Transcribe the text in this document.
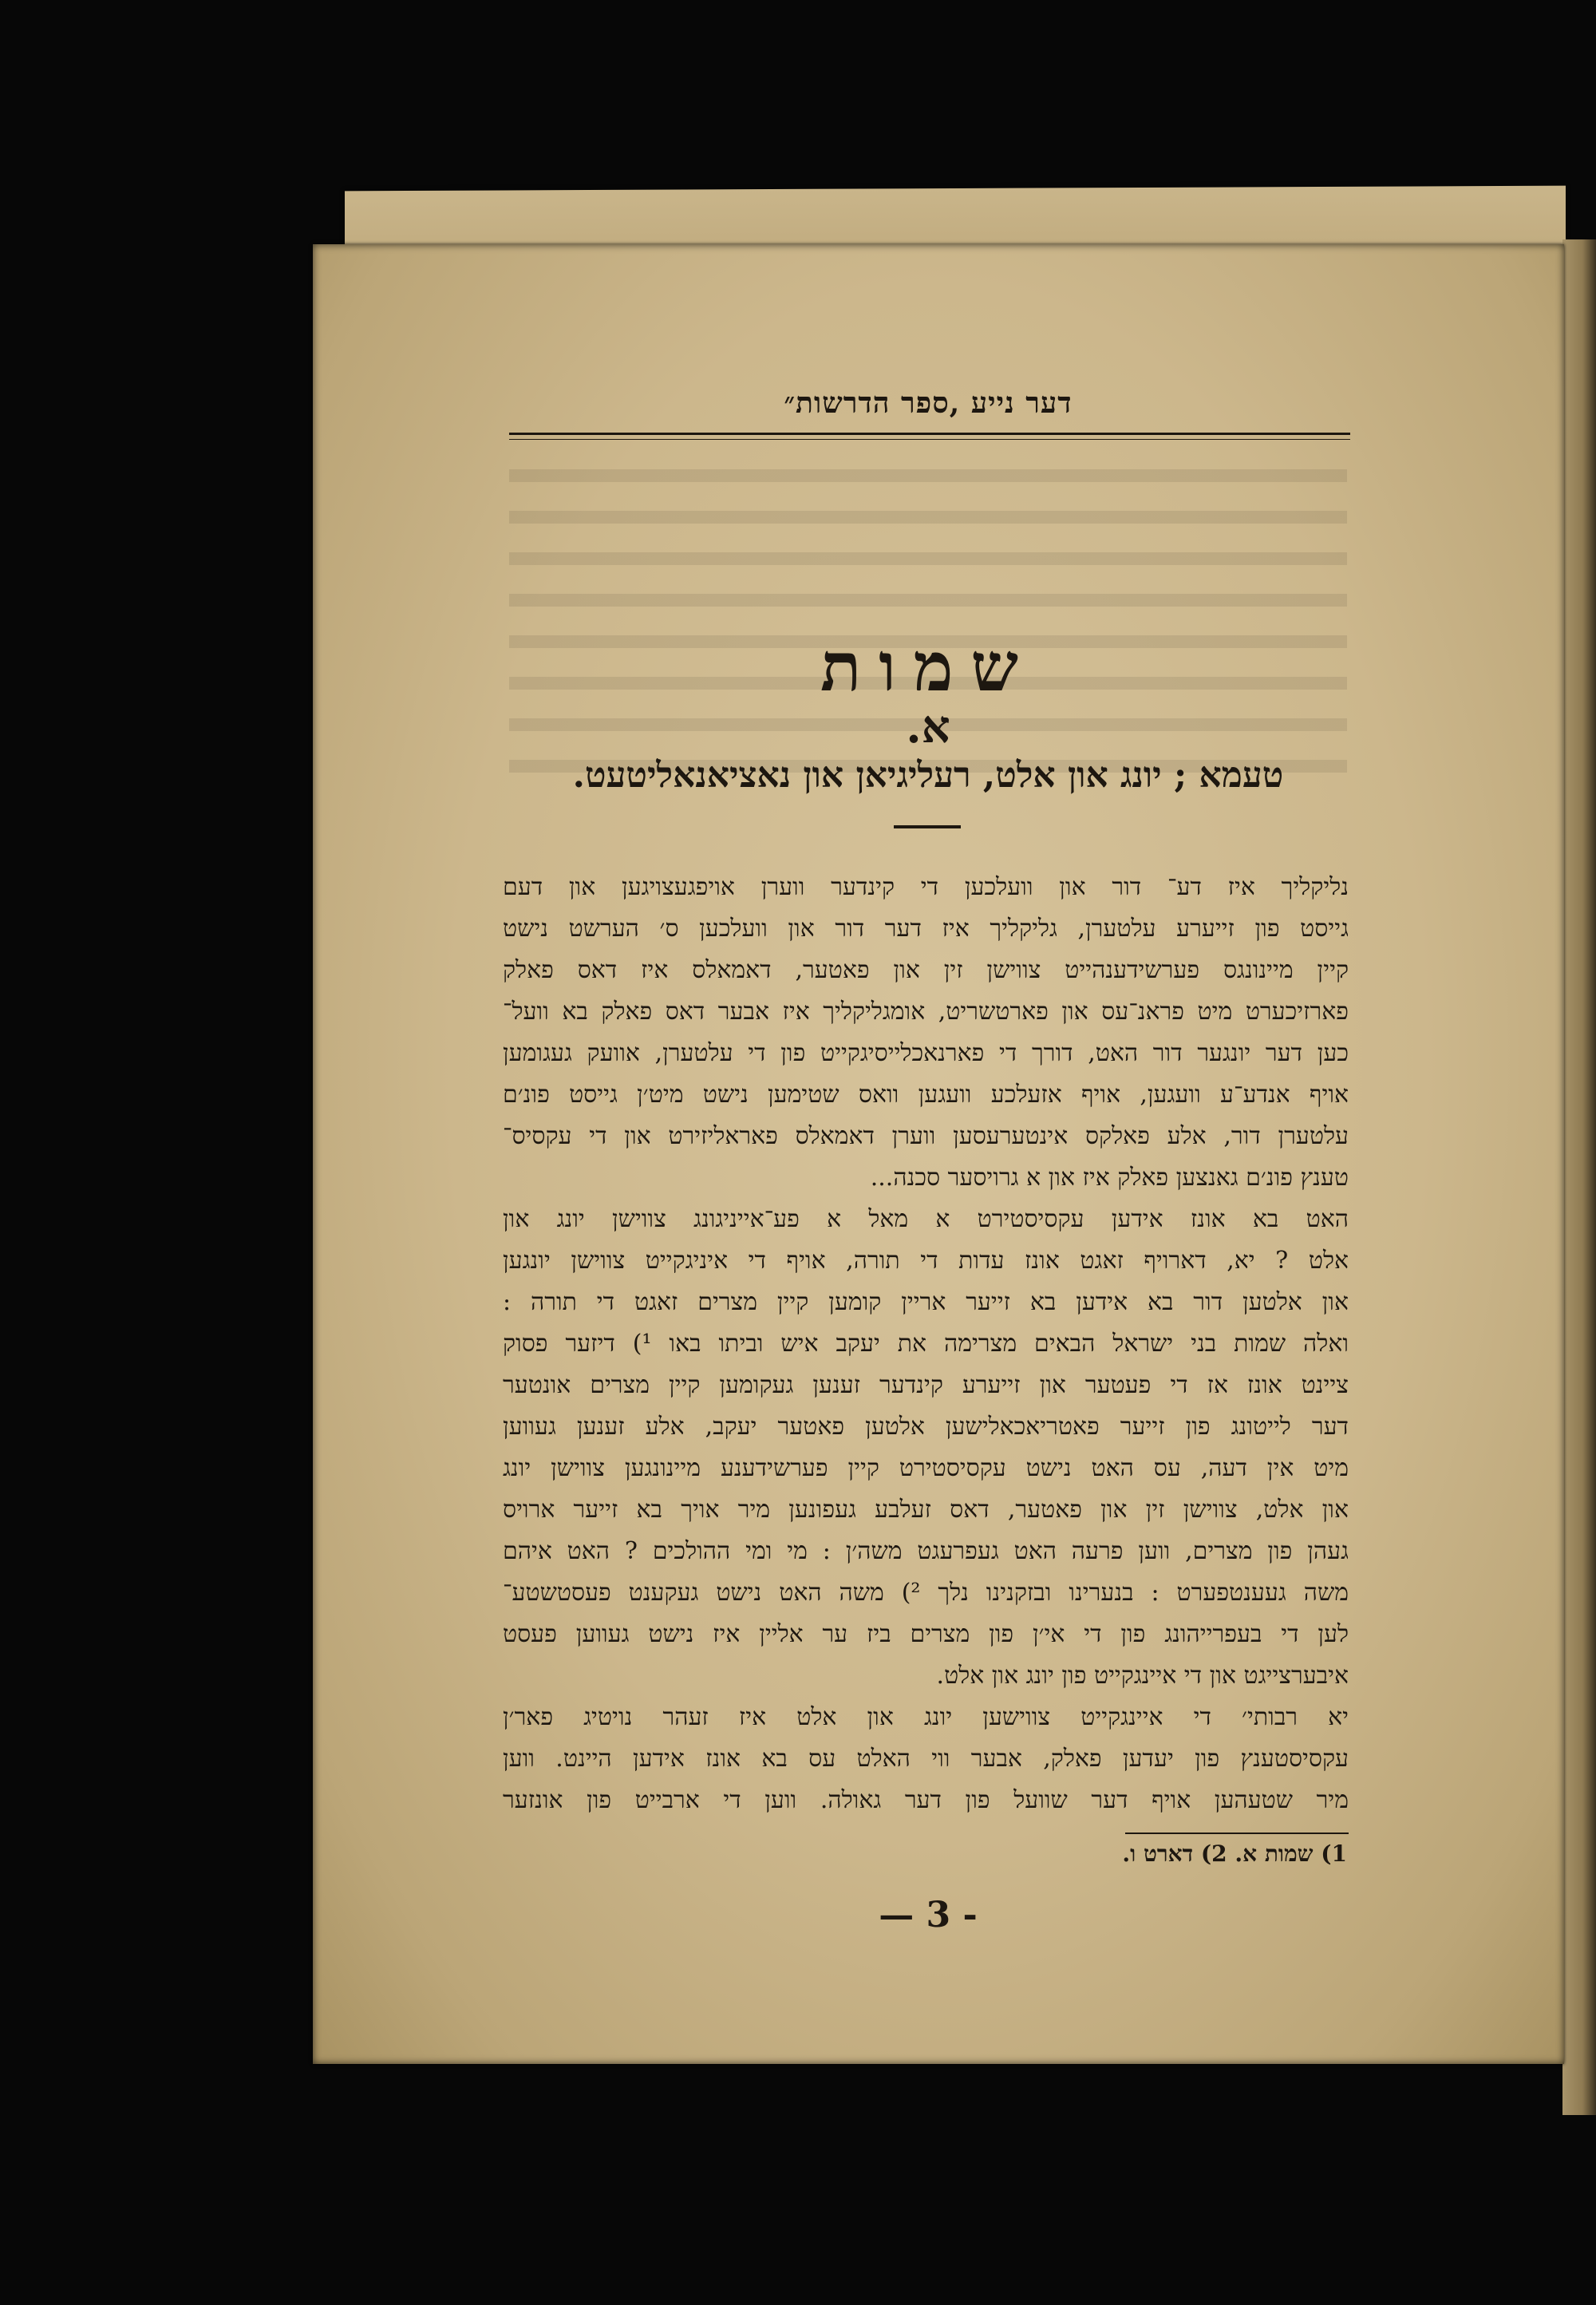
דער נייע ,ספר הדרשות״
שמות
א.
טעמא ; יונג און אלט, רעליגיאן און נאציאנאליטעט.
נליקליך איז דע־ דור און וועלכען די קינדער ווערן אויפגעצויגען און דעם
גייסט פון זייערע עלטערן, גליקליך איז דער דור און וועלכען ס׳ הערשט נישט
קיין מיינונגס פערשידענהייט צווישן זין און פאטער, דאמאלס איז דאס פאלק
פארזיכערט מיט פראנ־עס און פארטשריט, אומגליקליך איז אבער דאס פאלק בא וועל־
כען דער יונגער דור האט, דורך די פארנאכלייסיגקייט פון די עלטערן, אוועק געגומען
אויף אנדע־ע וועגען, אויף אזעלכע וועגען וואס שטימען נישט מיט׳ן גייסט פונ׳ם
עלטערן דור, אלע פאלקס אינטערעסען ווערן דאמאלס פאראליזירט און די עקסיס־
טענץ פונ׳ם גאנצען פאלק איז און א גרויסער סכנה...
האט בא אונז אידען עקסיסטירט א מאל א פע־אייניגונג צווישן יונג און
אלט ? יא, דארויף זאגט אונז עדות די תורה, אויף די איניגקייט צווישן יונגען
און אלטען דור בא אידען בא זייער אריין קומען קיין מצרים זאגט די תורה :
ואלה שמות בני ישראל הבאים מצרימה את יעקב איש וביתו באו ¹) דיזער פסוק
ציינט אונז אז די פעטער און זייערע קינדער זענען געקומען קיין מצרים אונטער
דער לייטונג פון זייער פאטריאכאלישען אלטען פאטער יעקב, אלע זענען געווען
מיט אין דעה, עס האט נישט עקסיסטירט קיין פערשידענע מיינונגען צווישן יונג
און אלט, צווישן זין און פאטער, דאס זעלבע געפונען מיר אויך בא זייער ארויס
געהן פון מצרים, ווען פרעה האט געפרעגט משה׳ן : מי ומי ההולכים ? האט איהם
משה געענטפערט : בנערינו ובזקנינו נלך ²) משה האט נישט געקענט פעסטשטע־
לען די בעפרייהונג פון די אי׳ן פון מצרים ביז ער אליין איז נישט געווען פעסט
איבערצייגט און די איינגקייט פון יונג און אלט.
יא רבותי׳ די איינגקייט צווישען יונג און אלט איז זעהר נויטיג פאר׳ן
עקסיסטענץ פון יעדען פאלק, אבער ווי האלט עס בא אונז אידען היינט. ווען
מיר שטעהען אויף דער שוועל פון דער גאולה. ווען די ארבייט פון אונזער
1) שמות א. 2) דארט ו.
— 3 -
